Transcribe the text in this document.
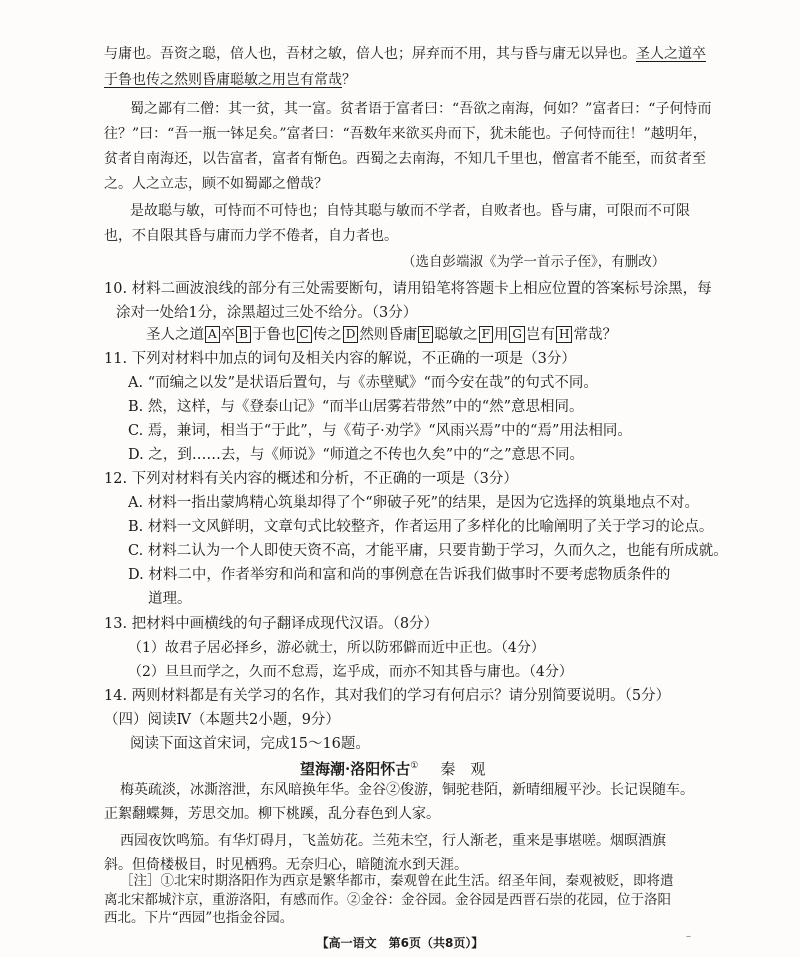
与庸也。吾资之聪，倍人也，吾材之敏，倍人也；屏弃而不用，其与昏与庸无以异也。圣人之道卒
于鲁也传之然则昏庸聪敏之用岂有常哉？
蜀之鄙有二僧：其一贫，其一富。贫者语于富者曰：“吾欲之南海，何如？”富者曰：“子何恃而
往？”曰：“吾一瓶一钵足矣。”富者曰：“吾数年来欲买舟而下，犹未能也。子何恃而往！”越明年，
贫者自南海还，以告富者，富者有惭色。西蜀之去南海，不知几千里也，僧富者不能至，而贫者至
之。人之立志，顾不如蜀鄙之僧哉？
是故聪与敏，可恃而不可恃也；自恃其聪与敏而不学者，自败者也。昏与庸，可限而不可限
也，不自限其昏与庸而力学不倦者，自力者也。
（选自彭端淑《为学一首示子侄》，有删改）
10. 材料二画波浪线的部分有三处需要断句，请用铅笔将答题卡上相应位置的答案标号涂黑，每
涂对一处给1分，涂黑超过三处不给分。（3分）
圣人之道 A 卒 B 于鲁也 C 传之 D 然则昏庸 E 聪敏之 F 用 G 岂有 H 常哉？
11. 下列对材料中加点的词句及相关内容的解说，不正确的一项是（3分）
A. “而编之以发”是状语后置句，与《赤壁赋》“而今安在哉”的句式不同。
B. 然，这样，与《登泰山记》“而半山居雾若带然”中的“然”意思相同。
C. 焉，兼词，相当于“于此”，与《荀子·劝学》“风雨兴焉”中的“焉”用法相同。
D. 之，到……去，与《师说》“师道之不传也久矣”中的“之”意思不同。
12. 下列对材料有关内容的概述和分析，不正确的一项是（3分）
A. 材料一指出蒙鸠精心筑巢却得了个“卵破子死”的结果，是因为它选择的筑巢地点不对。
B. 材料一文风鲜明，文章句式比较整齐，作者运用了多样化的比喻阐明了关于学习的论点。
C. 材料二认为一个人即使天资不高，才能平庸，只要肯勤于学习，久而久之，也能有所成就。
D. 材料二中，作者举穷和尚和富和尚的事例意在告诉我们做事时不要考虑物质条件的
道理。
13. 把材料中画横线的句子翻译成现代汉语。（8分）
（1）故君子居必择乡，游必就士，所以防邪僻而近中正也。（4分）
（2）旦旦而学之，久而不怠焉，迄乎成，而亦不知其昏与庸也。（4分）
14. 两则材料都是有关学习的名作，其对我们的学习有何启示？请分别简要说明。（5分）
（四）阅读Ⅳ（本题共2小题，9分）
阅读下面这首宋词，完成15～16题。
望海潮·洛阳怀古① 秦　观
梅英疏淡，冰澌溶泄，东风暗换年华。金谷②俊游，铜驼巷陌，新晴细履平沙。长记误随车。
正絮翻蝶舞，芳思交加。柳下桃蹊，乱分春色到人家。
西园夜饮鸣笳。有华灯碍月，飞盖妨花。兰苑未空，行人渐老，重来是事堪嗟。烟暝酒旗
斜。但倚楼极目，时见栖鸦。无奈归心，暗随流水到天涯。
［注］①北宋时期洛阳作为西京是繁华都市，秦观曾在此生活。绍圣年间，秦观被贬，即将遣
离北宋都城汴京，重游洛阳，有感而作。②金谷：金谷园。金谷园是西晋石崇的花园，位于洛阳
西北。下片“西园”也指金谷园。
【高一语文　第6页（共8页）】	–
